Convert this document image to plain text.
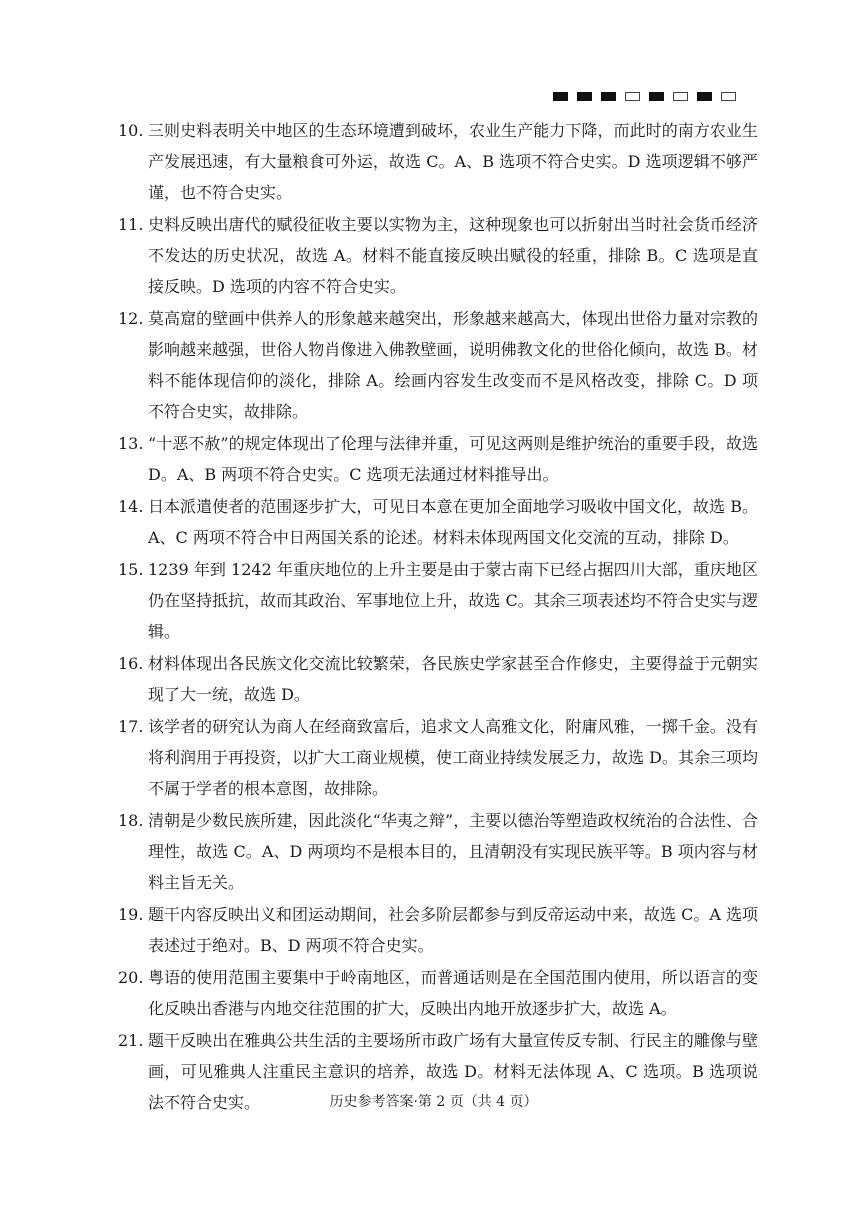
10. 三则史料表明关中地区的生态环境遭到破坏，农业生产能力下降，而此时的南方农业生产发展迅速，有大量粮食可外运，故选 C。A、B 选项不符合史实。D 选项逻辑不够严谨，也不符合史实。
11. 史料反映出唐代的赋役征收主要以实物为主，这种现象也可以折射出当时社会货币经济不发达的历史状况，故选 A。材料不能直接反映出赋役的轻重，排除 B。C 选项是直接反映。D 选项的内容不符合史实。
12. 莫高窟的壁画中供养人的形象越来越突出，形象越来越高大，体现出世俗力量对宗教的影响越来越强，世俗人物肖像进入佛教壁画，说明佛教文化的世俗化倾向，故选 B。材料不能体现信仰的淡化，排除 A。绘画内容发生改变而不是风格改变，排除 C。D 项不符合史实，故排除。
13. “十恶不赦”的规定体现出了伦理与法律并重，可见这两则是维护统治的重要手段，故选 D。A、B 两项不符合史实。C 选项无法通过材料推导出。
14. 日本派遣使者的范围逐步扩大，可见日本意在更加全面地学习吸收中国文化，故选 B。A、C 两项不符合中日两国关系的论述。材料未体现两国文化交流的互动，排除 D。
15. 1239 年到 1242 年重庆地位的上升主要是由于蒙古南下已经占据四川大部，重庆地区仍在坚持抵抗，故而其政治、军事地位上升，故选 C。其余三项表述均不符合史实与逻辑。
16. 材料体现出各民族文化交流比较繁荣，各民族史学家甚至合作修史，主要得益于元朝实现了大一统，故选 D。
17. 该学者的研究认为商人在经商致富后，追求文人高雅文化，附庸风雅，一掷千金。没有将利润用于再投资，以扩大工商业规模，使工商业持续发展乏力，故选 D。其余三项均不属于学者的根本意图，故排除。
18. 清朝是少数民族所建，因此淡化“华夷之辩”，主要以德治等塑造政权统治的合法性、合理性，故选 C。A、D 两项均不是根本目的，且清朝没有实现民族平等。B 项内容与材料主旨无关。
19. 题干内容反映出义和团运动期间，社会多阶层都参与到反帝运动中来，故选 C。A 选项表述过于绝对。B、D 两项不符合史实。
20. 粤语的使用范围主要集中于岭南地区，而普通话则是在全国范围内使用，所以语言的变化反映出香港与内地交往范围的扩大，反映出内地开放逐步扩大，故选 A。
21. 题干反映出在雅典公共生活的主要场所市政广场有大量宣传反专制、行民主的雕像与壁画，可见雅典人注重民主意识的培养，故选 D。材料无法体现 A、C 选项。B 选项说法不符合史实。	历史参考答案·第 2 页（共 4 页）
